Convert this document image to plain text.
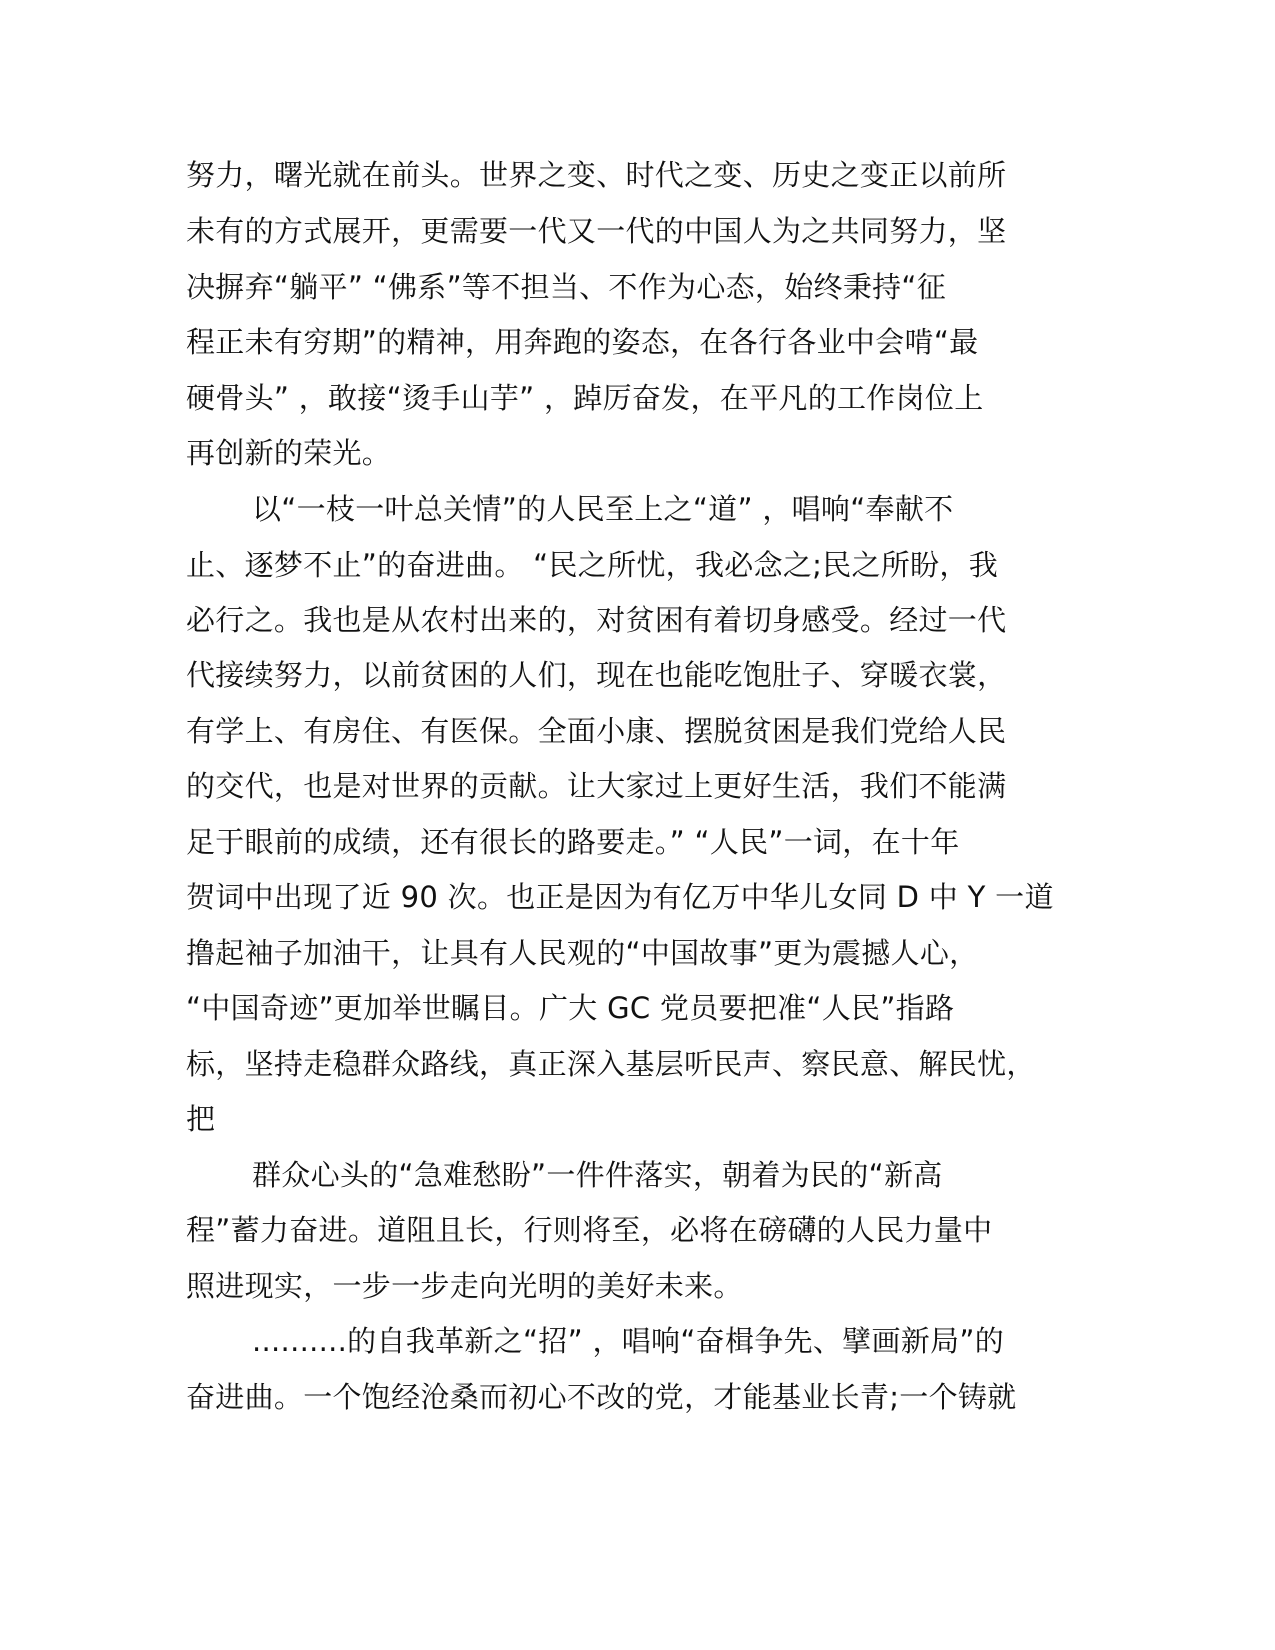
努力，曙光就在前头。世界之变、时代之变、历史之变正以前所
未有的方式展开，更需要一代又一代的中国人为之共同努力，坚
决摒弃“躺平” “佛系”等不担当、不作为心态，始终秉持“征
程正未有穷期”的精神，用奔跑的姿态，在各行各业中会啃“最
硬骨头” ，敢接“烫手山芋” ，踔厉奋发，在平凡的工作岗位上
再创新的荣光。
以“一枝一叶总关情”的人民至上之“道” ，唱响“奉献不
止、逐梦不止”的奋进曲。 “民之所忧，我必念之;民之所盼，我
必行之。我也是从农村出来的，对贫困有着切身感受。经过一代
代接续努力，以前贫困的人们，现在也能吃饱肚子、穿暖衣裳，
有学上、有房住、有医保。全面小康、摆脱贫困是我们党给人民
的交代，也是对世界的贡献。让大家过上更好生活，我们不能满
足于眼前的成绩，还有很长的路要走。” “人民”一词，在十年
贺词中出现了近 90 次。也正是因为有亿万中华儿女同 D 中 Y 一道
撸起袖子加油干，让具有人民观的“中国故事”更为震撼人心，
“中国奇迹”更加举世瞩目。广大 GC 党员要把准“人民”指路
标，坚持走稳群众路线，真正深入基层听民声、察民意、解民忧，
把
群众心头的“急难愁盼”一件件落实，朝着为民的“新高
程”蓄力奋进。道阻且长，行则将至，必将在磅礴的人民力量中
照进现实，一步一步走向光明的美好未来。
..........的自我革新之“招” ，唱响“奋楫争先、擘画新局”的
奋进曲。一个饱经沧桑而初心不改的党，才能基业长青;一个铸就
